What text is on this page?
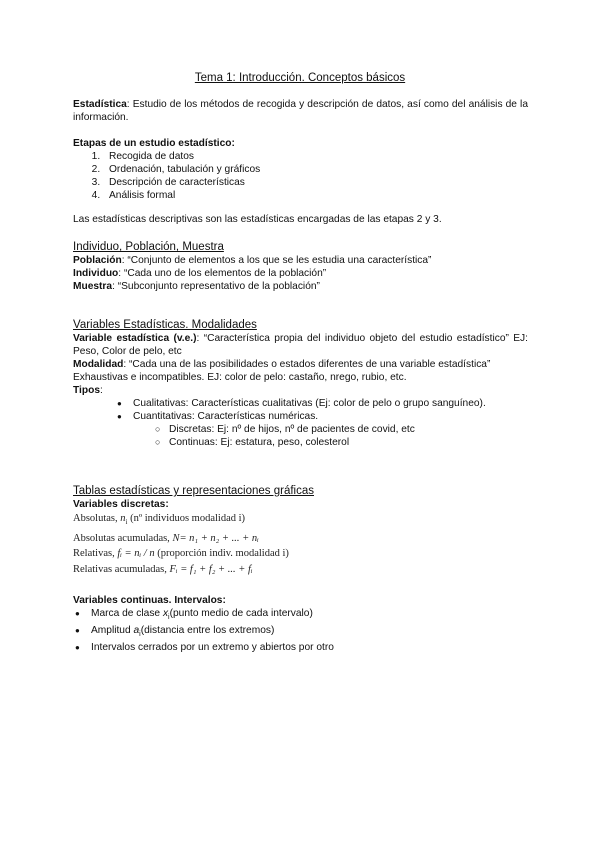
Tema 1: Introducción. Conceptos básicos
Estadística: Estudio de los métodos de recogida y descripción de datos, así como del análisis de la información.
Etapas de un estudio estadístico:
1. Recogida de datos
2. Ordenación, tabulación y gráficos
3. Descripción de características
4. Análisis formal
Las estadísticas descriptivas son las estadísticas encargadas de las etapas 2 y 3.
Individuo, Población, Muestra
Población: “Conjunto de elementos a los que se les estudia una característica”
Individuo: “Cada uno de los elementos de la población”
Muestra: “Subconjunto representativo de la población”
Variables Estadísticas. Modalidades
Variable estadística (v.e.): “Característica propia del individuo objeto del estudio estadístico” EJ: Peso, Color de pelo, etc
Modalidad: “Cada una de las posibilidades o estados diferentes de una variable estadística” Exhaustivas e incompatibles. EJ: color de pelo: castaño, nrego, rubio, etc.
Tipos:
● Cualitativas: Características cualitativas (Ej: color de pelo o grupo sanguíneo).
● Cuantitativas: Características numéricas.
○ Discretas: Ej: nº de hijos, nº de pacientes de covid, etc
○ Continuas: Ej: estatura, peso, colesterol
Tablas estadísticas y representaciones gráficas
Variables discretas:
Absolutas, $n_i$ (nº individuos modalidad i)
Absolutas acumuladas, N= n₁ + n₂ + ... + nᵢ
Relativas, fᵢ = nᵢ / n (proporción indiv. modalidad i)
Relativas acumuladas, Fᵢ = f₁ + f₂ + ... + fᵢ
Variables continuas. Intervalos:
● Marca de clase $x_i(punto$ medio de cada intervalo)
● Amplitud $a_i(distancia$ entre los extremos)
● Intervalos cerrados por un extremo y abiertos por otro
